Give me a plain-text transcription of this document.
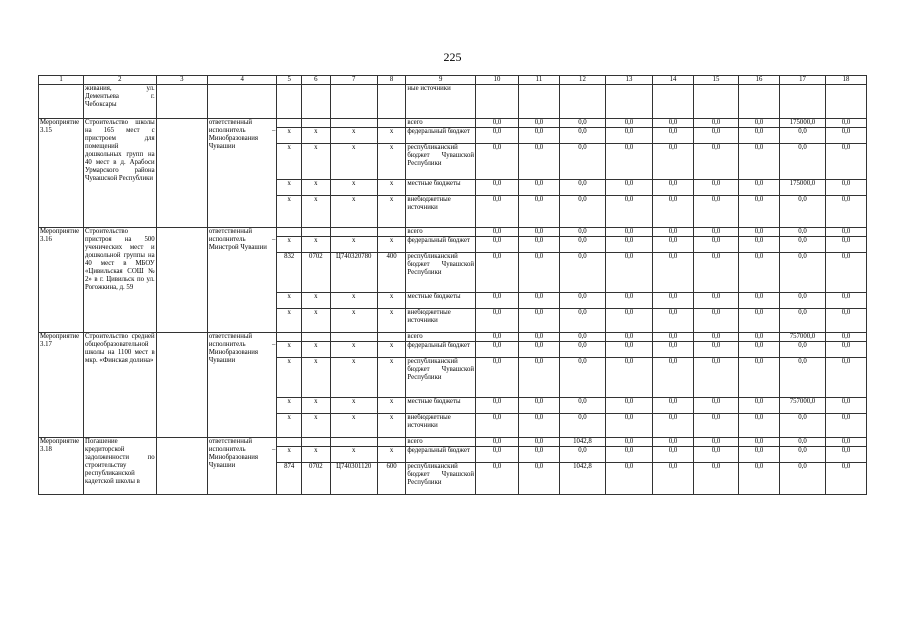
225
1	2	3	4	5	6	7	8	9	10	11	12	13	14	15	16	17	18
	живания, ул. Дементьева г. Чебоксары							ные источники									
Мероприятие 3.15	Строительство школы на 165 мест с пристроем для помещений дошкольных групп на 40 мест в д. Арабоси Урмарского района Чувашской Республики		ответственный исполнитель – Минобразования Чувашии					всего	0,0	0,0	0,0	0,0	0,0	0,0	0,0	175000,0	0,0
				х	х	х	х	федеральный бюджет	0,0	0,0	0,0	0,0	0,0	0,0	0,0	0,0	0,0
				х	х	х	х	республиканский бюджет Чувашской Республики	0,0	0,0	0,0	0,0	0,0	0,0	0,0	0,0	0,0
				х	х	х	х	местные бюджеты	0,0	0,0	0,0	0,0	0,0	0,0	0,0	175000,0	0,0
				х	х	х	х	внебюджетные источники	0,0	0,0	0,0	0,0	0,0	0,0	0,0	0,0	0,0
Мероприятие 3.16	Строительство пристроя на 500 ученических мест и дошкольной группы на 40 мест в МБОУ «Цивильская СОШ № 2» в г. Цивильск по ул. Рогожкина, д. 59		ответственный исполнитель – Минстрой Чувашии					всего	0,0	0,0	0,0	0,0	0,0	0,0	0,0	0,0	0,0
				х	х	х	х	федеральный бюджет	0,0	0,0	0,0	0,0	0,0	0,0	0,0	0,0	0,0
				832	0702	Ц740320780	400	республиканский бюджет Чувашской Республики	0,0	0,0	0,0	0,0	0,0	0,0	0,0	0,0	0,0
				х	х	х	х	местные бюджеты	0,0	0,0	0,0	0,0	0,0	0,0	0,0	0,0	0,0
				х	х	х	х	внебюджетные источники	0,0	0,0	0,0	0,0	0,0	0,0	0,0	0,0	0,0
Мероприятие 3.17	Строительство средней общеобразовательной школы на 1100 мест в мкр. «Финская долина»		ответственный исполнитель – Минобразования Чувашии					всего	0,0	0,0	0,0	0,0	0,0	0,0	0,0	757000,0	0,0
				х	х	х	х	федеральный бюджет	0,0	0,0	0,0	0,0	0,0	0,0	0,0	0,0	0,0
				х	х	х	х	республиканский бюджет Чувашской Республики	0,0	0,0	0,0	0,0	0,0	0,0	0,0	0,0	0,0
				х	х	х	х	местные бюджеты	0,0	0,0	0,0	0,0	0,0	0,0	0,0	757000,0	0,0
				х	х	х	х	внебюджетные источники	0,0	0,0	0,0	0,0	0,0	0,0	0,0	0,0	0,0
Мероприятие 3.18	Погашение кредиторской задолженности по строительству республиканской кадетской школы в		ответственный исполнитель – Минобразования Чувашии					всего	0,0	0,0	1042,8	0,0	0,0	0,0	0,0	0,0	0,0
				х	х	х	х	федеральный бюджет	0,0	0,0	0,0	0,0	0,0	0,0	0,0	0,0	0,0
				874	0702	Ц740301120	600	республиканский бюджет Чувашской Республики	0,0	0,0	1042,8	0,0	0,0	0,0	0,0	0,0	0,0
